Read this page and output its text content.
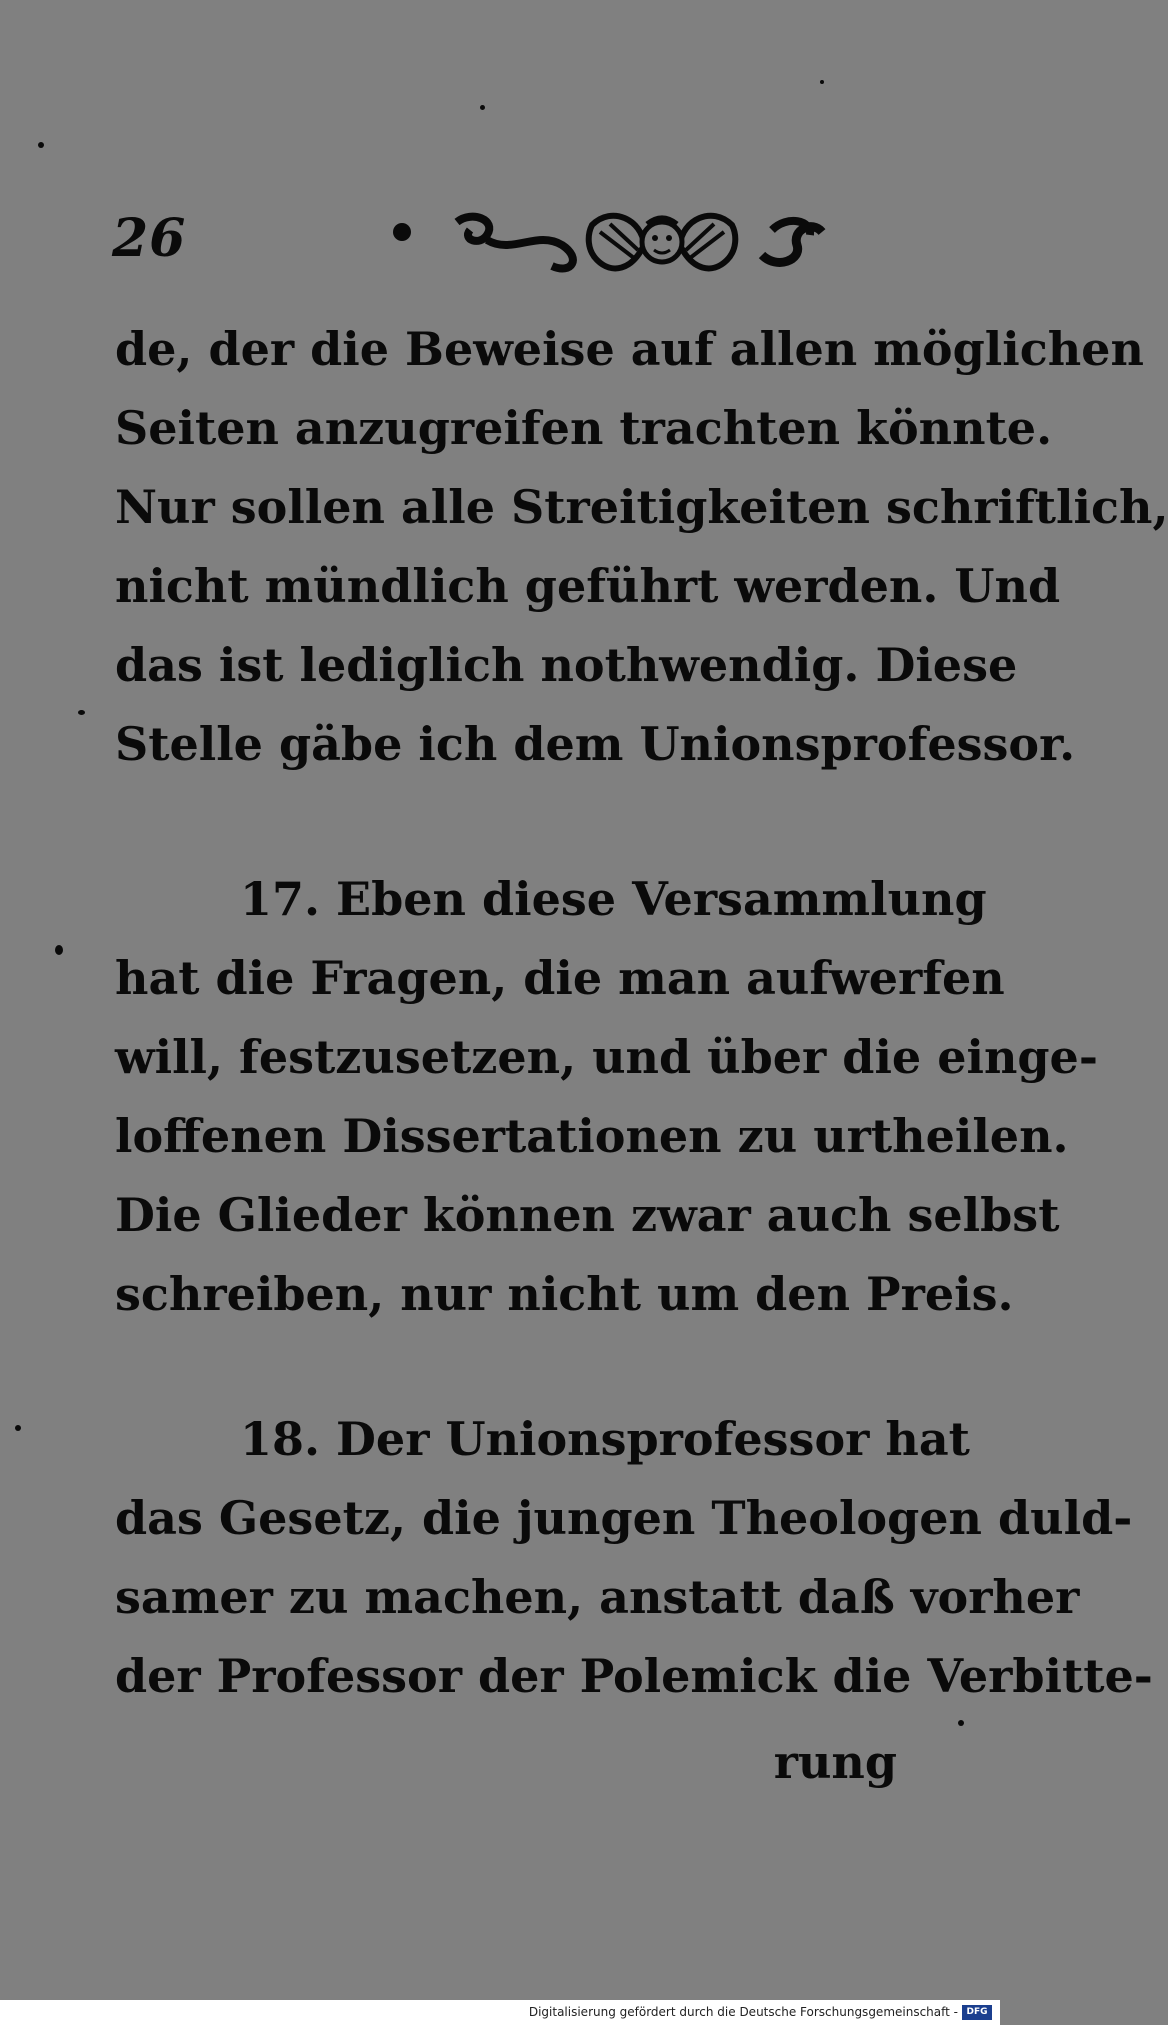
26
de, der die Beweise auf allen möglichen
Seiten anzugreifen trachten könnte.
Nur sollen alle Streitigkeiten schriftlich,
nicht mündlich geführt werden. Und
das ist lediglich nothwendig. Diese
Stelle gäbe ich dem Unionsprofessor.
17. Eben diese Versammlung
hat die Fragen, die man aufwerfen
will, festzusetzen, und über die einge-
loffenen Dissertationen zu urtheilen.
Die Glieder können zwar auch selbst
schreiben, nur nicht um den Preis.
18. Der Unionsprofessor hat
das Gesetz, die jungen Theologen duld-
samer zu machen, anstatt daß vorher
der Professor der Polemick die Verbitte-
rung
Digitalisierung gefördert durch die Deutsche Forschungsgemeinschaft - DFG
